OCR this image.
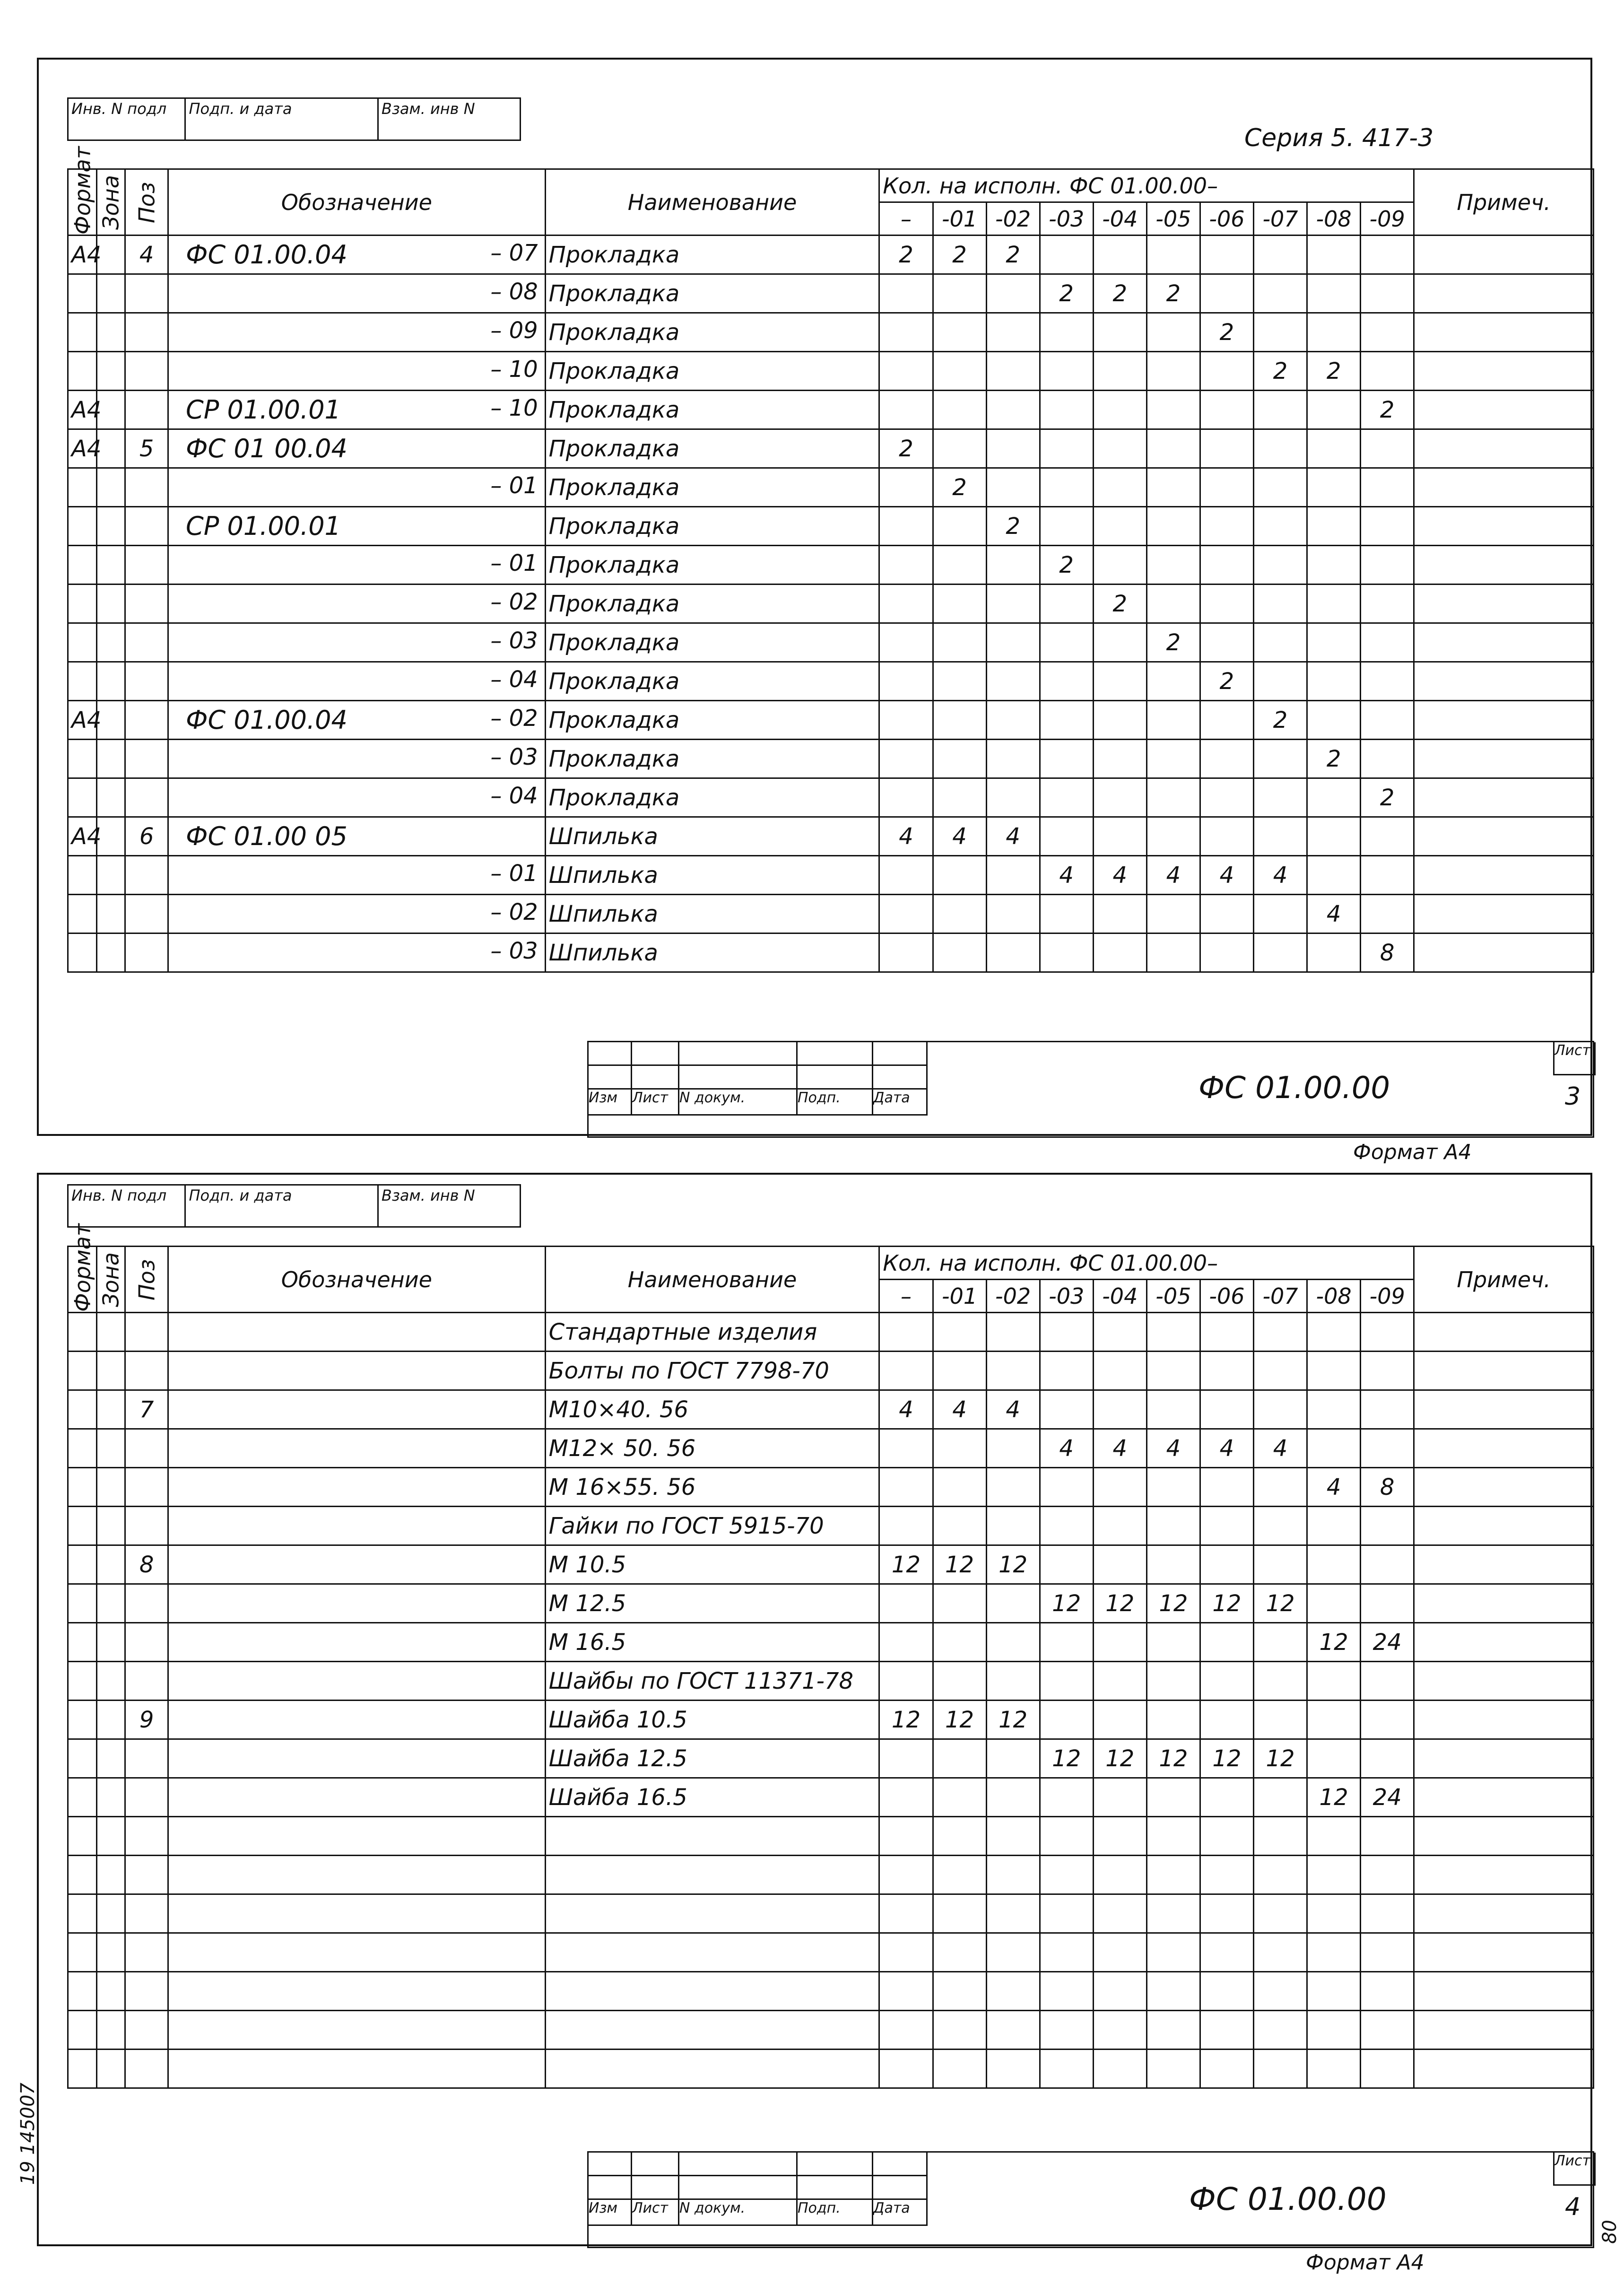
Инв. N подл	Подп. и дата	Взам. инв N
Серия 5. 417-3
Формат	Зона	Поз	Обозначение	Наименование	Кол. на исполн. ФС 01.00.00–										Примеч.
					–	-01	-02	-03	-04	-05	-06	-07	-08	-09	
А4		4	ФС 01.00.04 – 07	Прокладка	2	2	2								

			– 08	Прокладка				2	2	2					

			– 09	Прокладка							2				

			– 10	Прокладка								2	2		
А4			СР 01.00.01 – 10	Прокладка										2	
А4		5	ФС 01 00.04	Прокладка	2										

			– 01	Прокладка		2									
			СР 01.00.01	Прокладка			2								

			– 01	Прокладка				2							

			– 02	Прокладка					2						

			– 03	Прокладка						2					

			– 04	Прокладка							2				
А4			ФС 01.00.04 – 02	Прокладка								2			

			– 03	Прокладка									2		

			– 04	Прокладка										2	
А4		6	ФС 01.00 05	Шпилька	4	4	4								

			– 01	Шпилька				4	4	4	4	4			

			– 02	Шпилька									4		

			– 03	Шпилька										8	
Изм	Лист N докум.	Подп.	Дата	ФС 01.00.00
Лист
3
Формат А4
Инв. N подл	Подп. и дата	Взам. инв N
Формат	Зона	Поз	Обозначение	Наименование	Кол. на исполн. ФС 01.00.00–										Примеч.
					–	-01	-02	-03	-04	-05	-06	-07	-08	-09	
				Стандартные изделия											
				Болты по ГОСТ 7798-70											
		7		М10×40. 56	4	4	4								
				М12× 50. 56				4	4	4	4	4			
				М 16×55. 56									4	8	
				Гайки по ГОСТ 5915-70											
		8		М 10.5	12	12	12								
				М 12.5				12	12	12	12	12			
				М 16.5									12	24	
				Шайбы по ГОСТ 11371-78											
		9		Шайба 10.5	12	12	12								
				Шайба 12.5				12	12	12	12	12			
				Шайба 16.5									12	24	

19 145007
Изм	Лист N докум.	Подп.	Дата	ФС 01.00.00
Лист
4
Формат А4
80
